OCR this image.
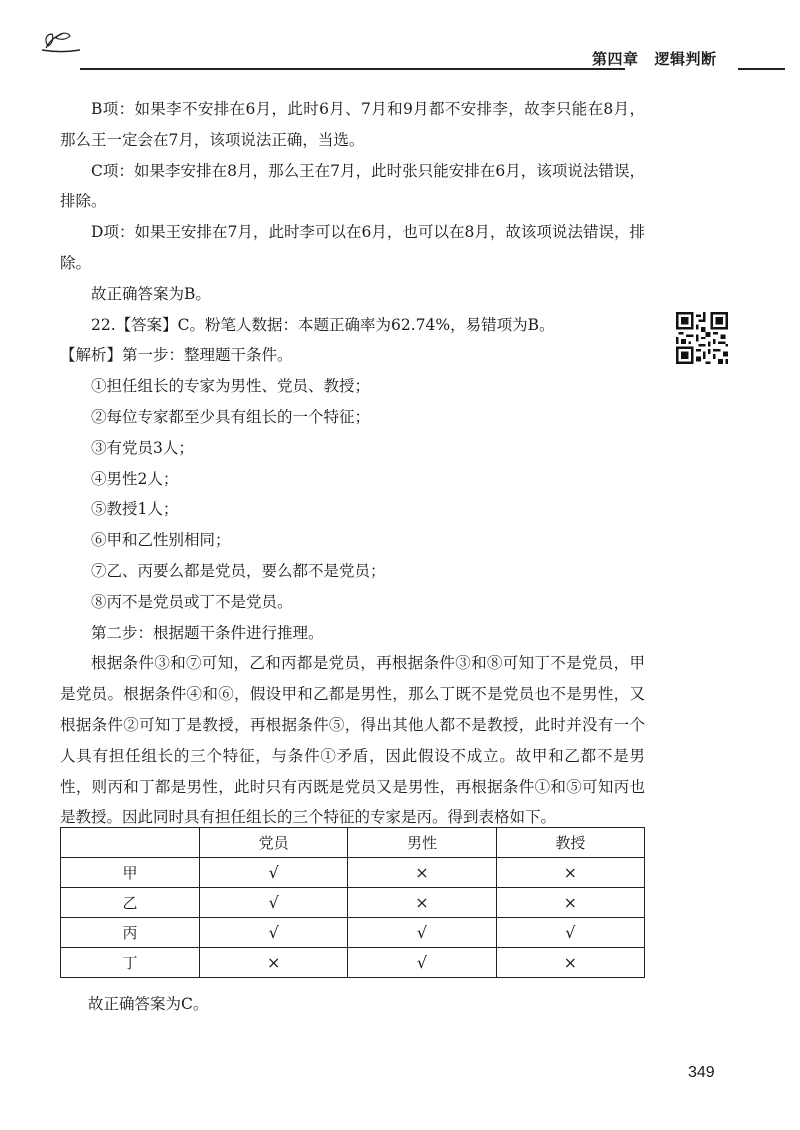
第四章 逻辑判断

B项：如果李不安排在6月，此时6月、7月和9月都不安排李，故李只能在8月，那么王一定会在7月，该项说法正确，当选。

C项：如果李安排在8月，那么王在7月，此时张只能安排在6月，该项说法错误，排除。

D项：如果王安排在7月，此时李可以在6月，也可以在8月，故该项说法错误，排除。

故正确答案为B。

22.【答案】C。粉笔人数据：本题正确率为62.74%，易错项为B。

【解析】第一步：整理题干条件。

①担任组长的专家为男性、党员、教授；

②每位专家都至少具有组长的一个特征；

③有党员3人；

④男性2人；

⑤教授1人；

⑥甲和乙性别相同；

⑦乙、丙要么都是党员，要么都不是党员；

⑧丙不是党员或丁不是党员。

第二步：根据题干条件进行推理。

根据条件③和⑦可知，乙和丙都是党员，再根据条件③和⑧可知丁不是党员，甲是党员。根据条件④和⑥，假设甲和乙都是男性，那么丁既不是党员也不是男性，又根据条件②可知丁是教授，再根据条件⑤，得出其他人都不是教授，此时并没有一个人具有担任组长的三个特征，与条件①矛盾，因此假设不成立。故甲和乙都不是男性，则丙和丁都是男性，此时只有丙既是党员又是男性，再根据条件①和⑤可知丙也是教授。因此同时具有担任组长的三个特征的专家是丙。得到表格如下。

	党员	男性	教授
甲	√	×	×
乙	√	×	×
丙	√	√	√
丁	×	√	×
故正确答案为C。
349
